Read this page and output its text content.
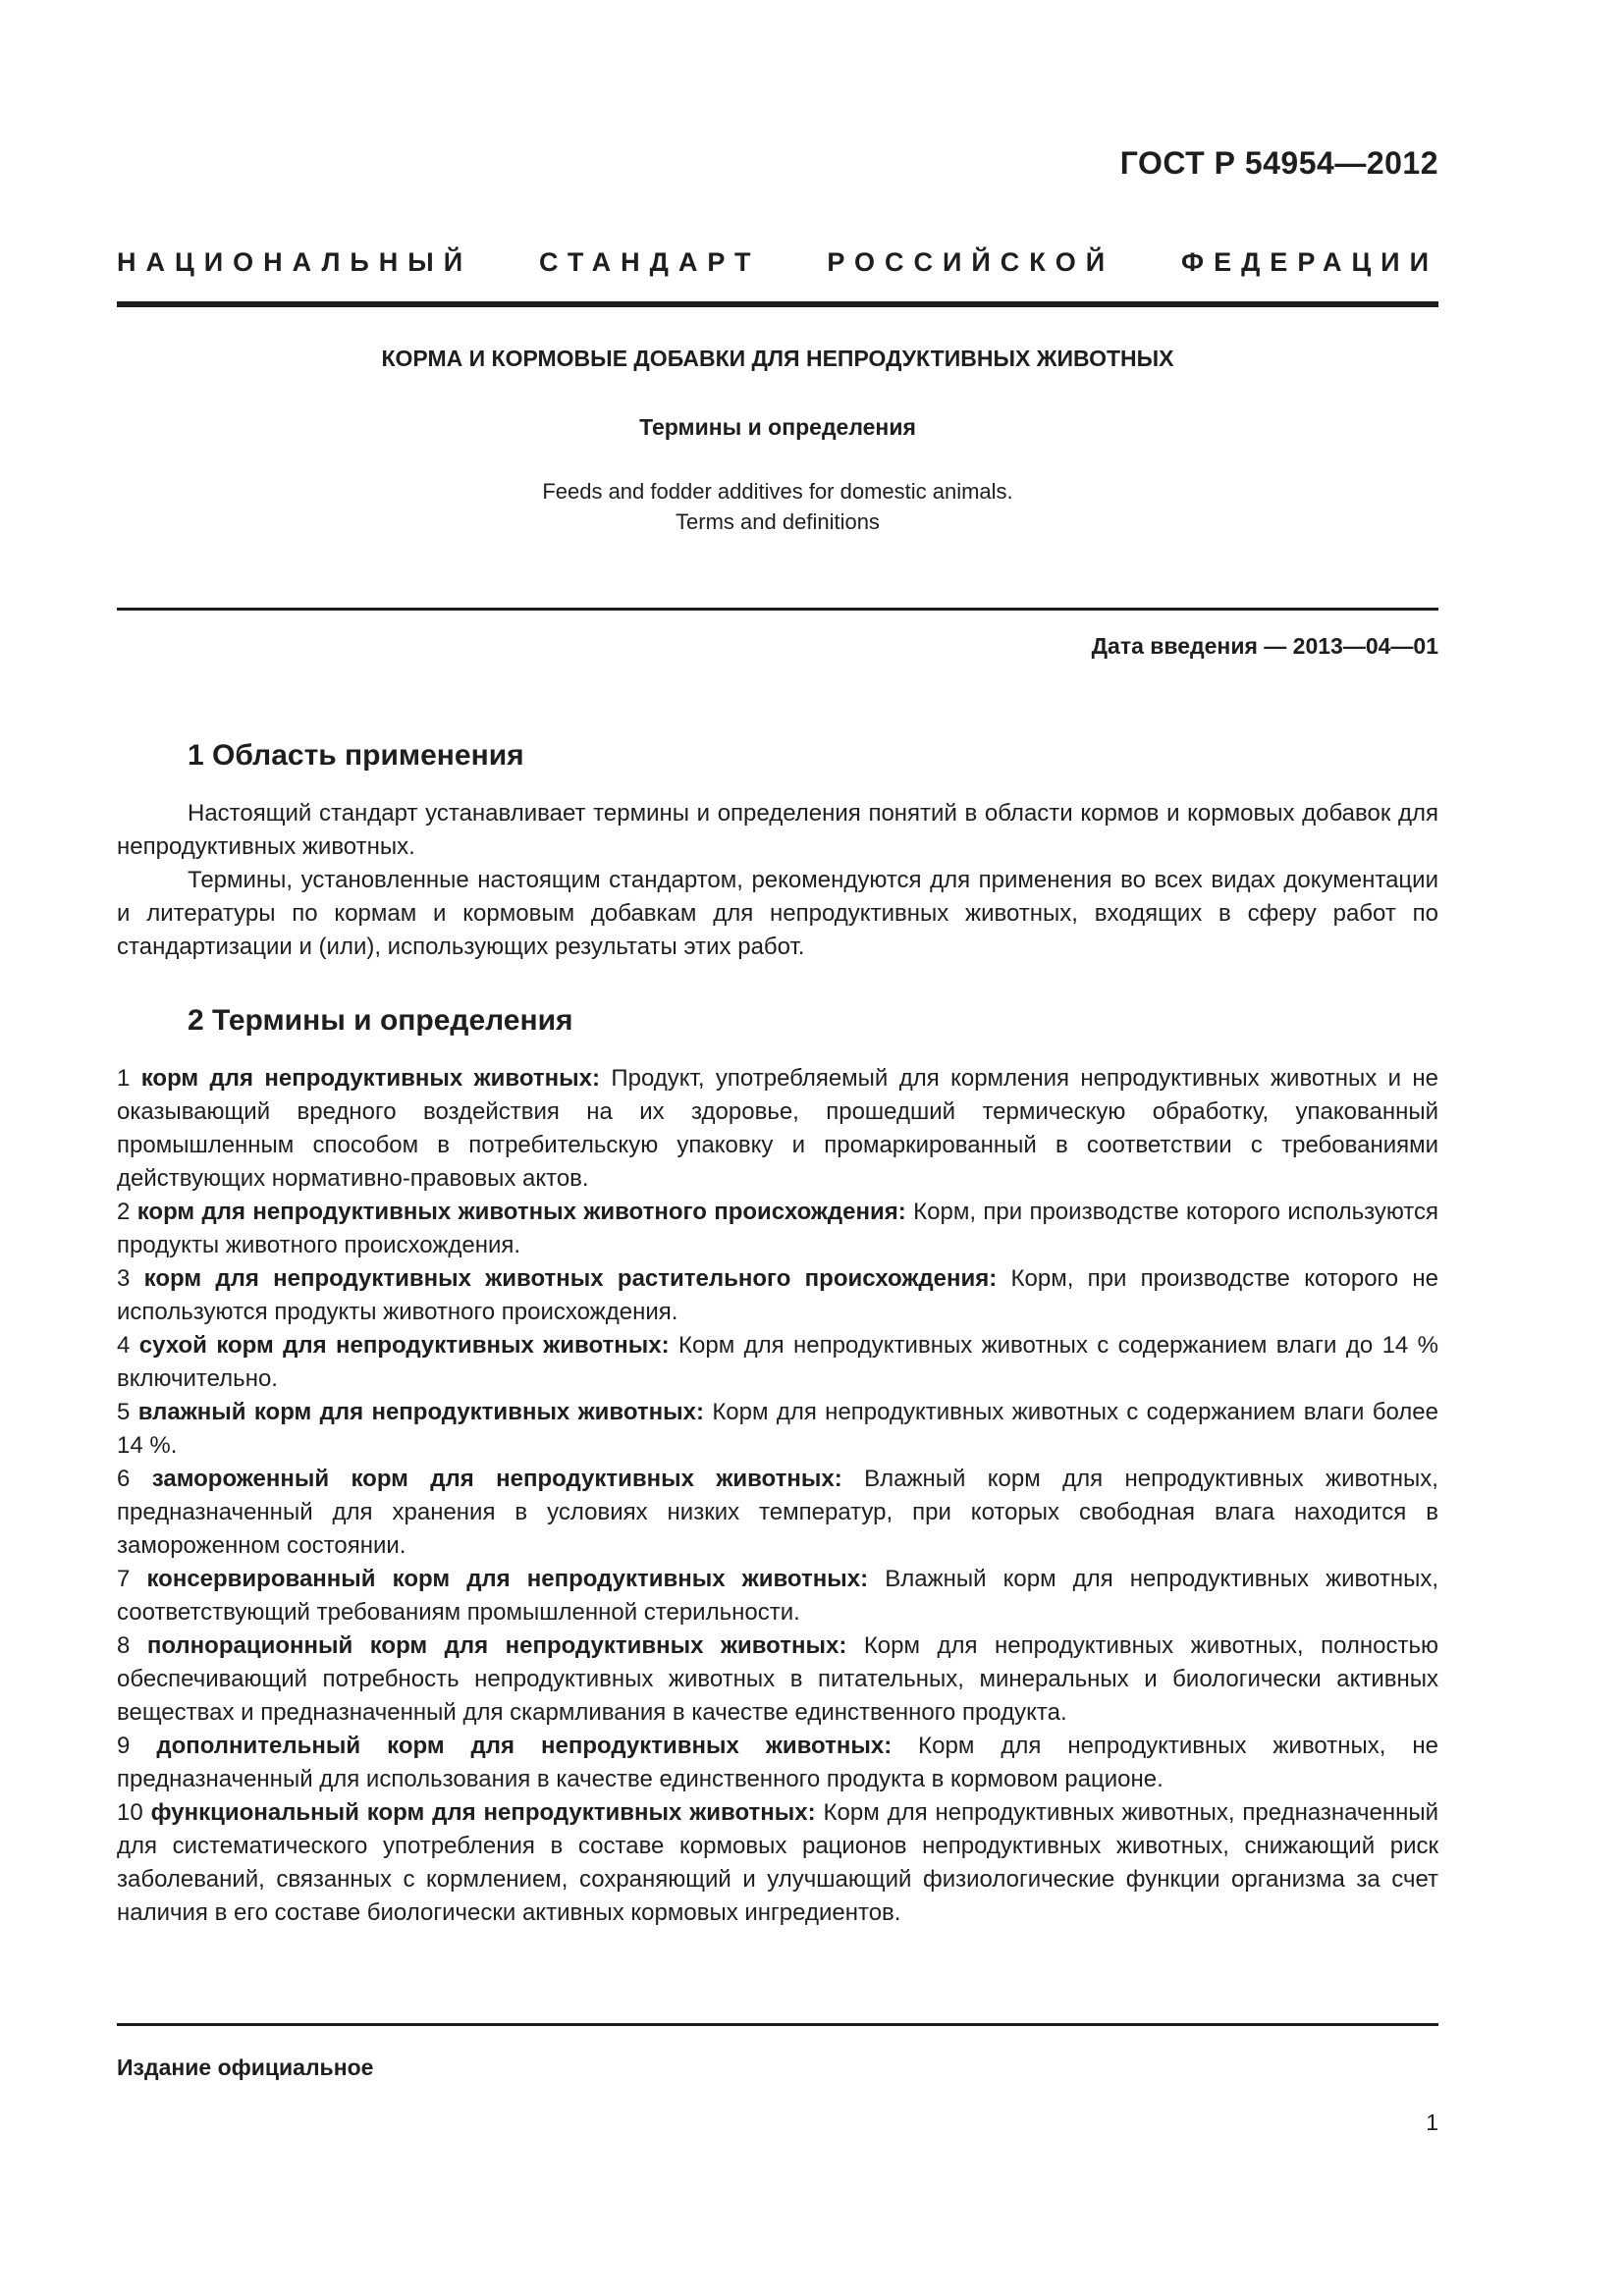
ГОСТ Р 54954—2012
НАЦИОНАЛЬНЫЙ СТАНДАРТ РОССИЙСКОЙ ФЕДЕРАЦИИ
КОРМА И КОРМОВЫЕ ДОБАВКИ ДЛЯ НЕПРОДУКТИВНЫХ ЖИВОТНЫХ
Термины и определения
Feeds and fodder additives for domestic animals.
Terms and definitions
Дата введения — 2013—04—01
1 Область применения

Настоящий стандарт устанавливает термины и определения понятий в области кормов и кормовых добавок для непродуктивных животных.

Термины, установленные настоящим стандартом, рекомендуются для применения во всех видах документации и литературы по кормам и кормовым добавкам для непродуктивных животных, входящих в сферу работ по стандартизации и (или), использующих результаты этих работ.

2 Термины и определения

1 корм для непродуктивных животных: Продукт, употребляемый для кормления непродуктивных животных и не оказывающий вредного воздействия на их здоровье, прошедший термическую обработку, упакованный промышленным способом в потребительскую упаковку и промаркированный в соответствии с требованиями действующих нормативно-правовых актов.

2 корм для непродуктивных животных животного происхождения: Корм, при производстве которого используются продукты животного происхождения.

3 корм для непродуктивных животных растительного происхождения: Корм, при производстве которого не используются продукты животного происхождения.

4 сухой корм для непродуктивных животных: Корм для непродуктивных животных с содержанием влаги до 14 % включительно.

5 влажный корм для непродуктивных животных: Корм для непродуктивных животных с содержанием влаги более 14 %.

6 замороженный корм для непродуктивных животных: Влажный корм для непродуктивных животных, предназначенный для хранения в условиях низких температур, при которых свободная влага находится в замороженном состоянии.

7 консервированный корм для непродуктивных животных: Влажный корм для непродуктивных животных, соответствующий требованиям промышленной стерильности.

8 полнорационный корм для непродуктивных животных: Корм для непродуктивных животных, полностью обеспечивающий потребность непродуктивных животных в питательных, минеральных и биологически активных веществах и предназначенный для скармливания в качестве единственного продукта.

9 дополнительный корм для непродуктивных животных: Корм для непродуктивных животных, не предназначенный для использования в качестве единственного продукта в кормовом рационе.

10 функциональный корм для непродуктивных животных: Корм для непродуктивных животных, предназначенный для систематического употребления в составе кормовых рационов непродуктивных животных, снижающий риск заболеваний, связанных с кормлением, сохраняющий и улучшающий физиологические функции организма за счет наличия в его составе биологически активных кормовых ингредиентов.

Издание официальное
1
